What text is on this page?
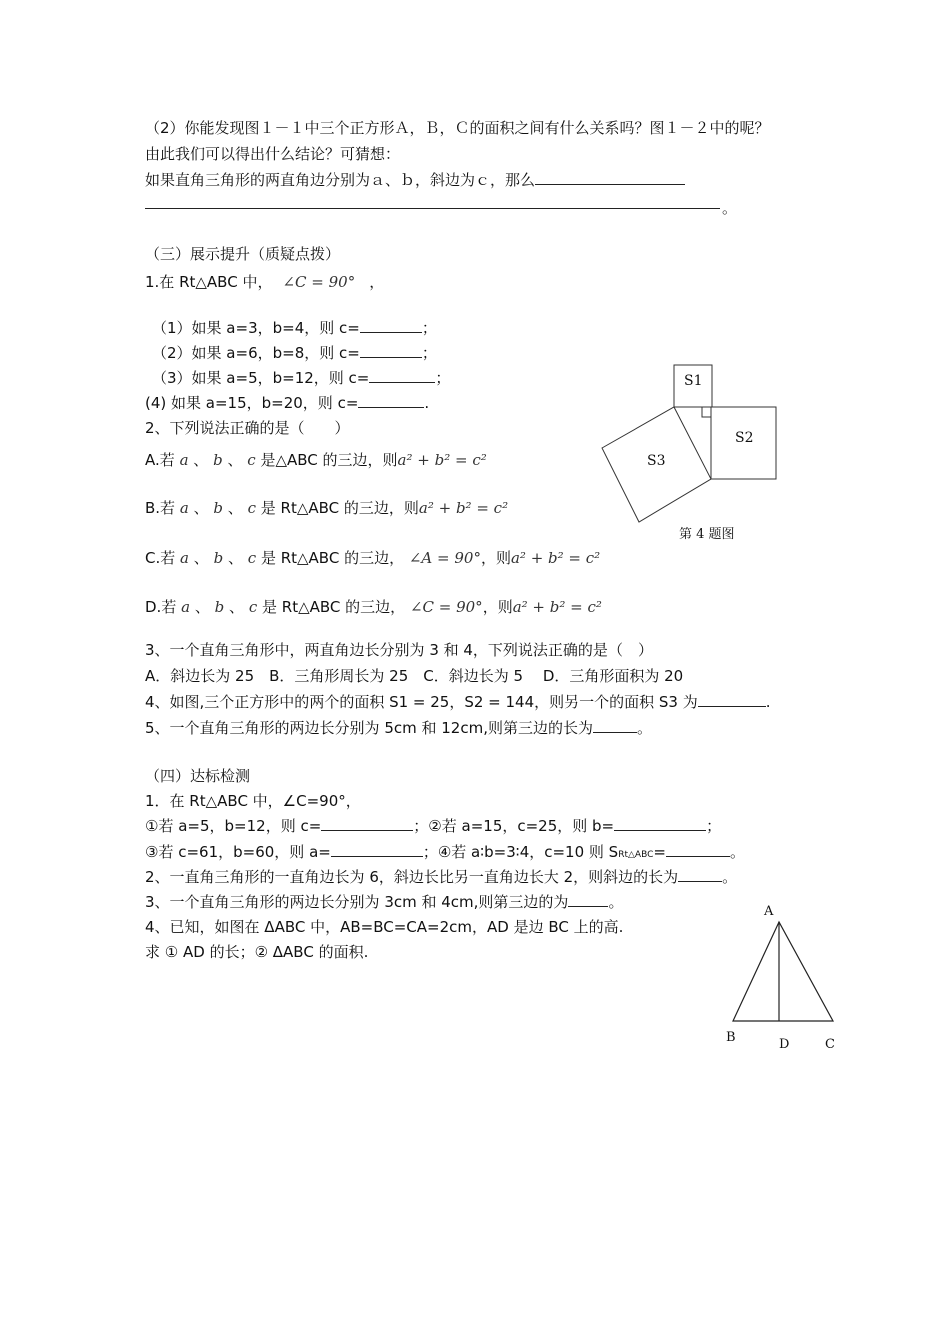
（2）你能发现图１－１中三个正方形Ａ，Ｂ，Ｃ的面积之间有什么关系吗？图１－２中的呢？
由此我们可以得出什么结论？可猜想：
如果直角三角形的两直角边分别为ａ、ｂ，斜边为ｃ，那么
。
（三）展示提升（质疑点拨）
1.在 Rt△ABC 中， ∠C = 90° ，
（1）如果 a=3，b=4，则 c=	；
（2）如果 a=6，b=8，则 c=	；
（3）如果 a=5，b=12，则 c=	；
(4) 如果 a=15，b=20，则 c=	.
2、下列说法正确的是（　　）
A.若 a 、 b 、 c 是△ABC 的三边，则a² + b² = c²
B.若 a 、 b 、 c 是 Rt△ABC 的三边，则a² + b² = c²
C.若 a 、 b 、 c 是 Rt△ABC 的三边， ∠A = 90°，则a² + b² = c²
D.若 a 、 b 、 c 是 Rt△ABC 的三边， ∠C = 90°，则a² + b² = c²
3、一个直角三角形中，两直角边长分别为 3 和 4，下列说法正确的是（　）
A．斜边长为 25　B．三角形周长为 25　C．斜边长为 5　 D．三角形面积为 20
4、如图,三个正方形中的两个的面积 S1 = 25，S2 = 144，则另一个的面积 S3 为	.
5、一个直角三角形的两边长分别为 5cm 和 12cm,则第三边的长为	。
S1
S2
S3
第 4 题图
（四）达标检测
1．在 Rt△ABC 中，∠C=90°，
①若 a=5，b=12，则 c=	；②若 a=15，c=25，则 b=	；
③若 c=61，b=60，则 a=	；④若 a∶b=3∶4，c=10 则 SRt△ABC=	。
2、一直角三角形的一直角边长为 6，斜边长比另一直角边长大 2，则斜边的长为	。
3、一个直角三角形的两边长分别为 3cm 和 4cm,则第三边的为	。
4、已知，如图在 ΔABC 中，AB=BC=CA=2cm，AD 是边 BC 上的高.
求 ① AD 的长；② ΔABC 的面积.
A
B	D	C
